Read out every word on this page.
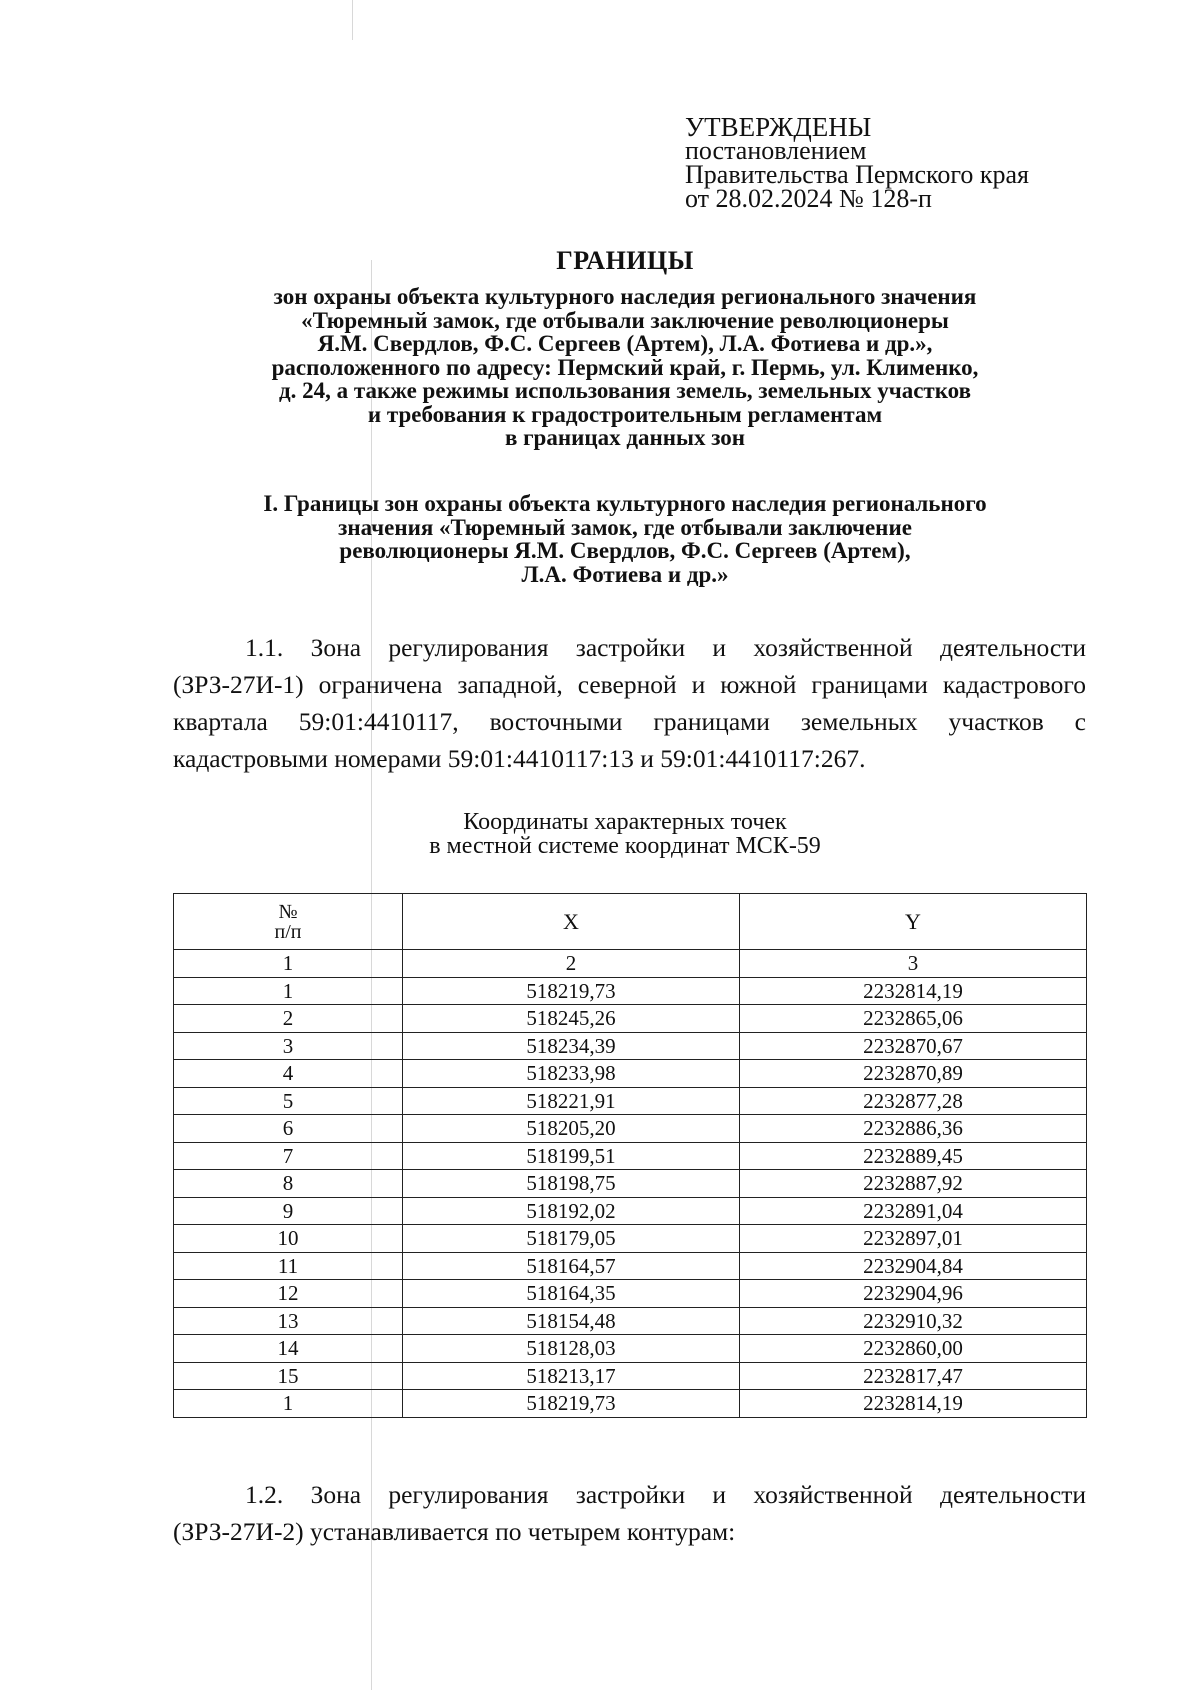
УТВЕРЖДЕНЫ
постановлением
Правительства Пермского края
от 28.02.2024 № 128-п
ГРАНИЦЫ
зон охраны объекта культурного наследия регионального значения
«Тюремный замок, где отбывали заключение революционеры
Я.М. Свердлов, Ф.С. Сергеев (Артем), Л.А. Фотиева и др.»,
расположенного по адресу: Пермский край, г. Пермь, ул. Клименко,
д. 24, а также режимы использования земель, земельных участков
и требования к градостроительным регламентам
в границах данных зон
I. Границы зон охраны объекта культурного наследия регионального
значения «Тюремный замок, где отбывали заключение
революционеры Я.М. Свердлов, Ф.С. Сергеев (Артем),
Л.А. Фотиева и др.»

1.1. Зона регулирования застройки и хозяйственной деятельности (ЗРЗ-27И-1) ограничена западной, северной и южной границами кадастрового квартала 59:01:4410117, восточными границами земельных участков с кадастровыми номерами 59:01:4410117:13 и 59:01:4410117:267.

Координаты характерных точек
в местной системе координат МСК-59
№
п/п	X	Y
1	2	3
1	518219,73	2232814,19
2	518245,26	2232865,06
3	518234,39	2232870,67
4	518233,98	2232870,89
5	518221,91	2232877,28
6	518205,20	2232886,36
7	518199,51	2232889,45
8	518198,75	2232887,92
9	518192,02	2232891,04
10	518179,05	2232897,01
11	518164,57	2232904,84
12	518164,35	2232904,96
13	518154,48	2232910,32
14	518128,03	2232860,00
15	518213,17	2232817,47
1	518219,73	2232814,19

1.2. Зона регулирования застройки и хозяйственной деятельности (ЗРЗ-27И-2) устанавливается по четырем контурам:
